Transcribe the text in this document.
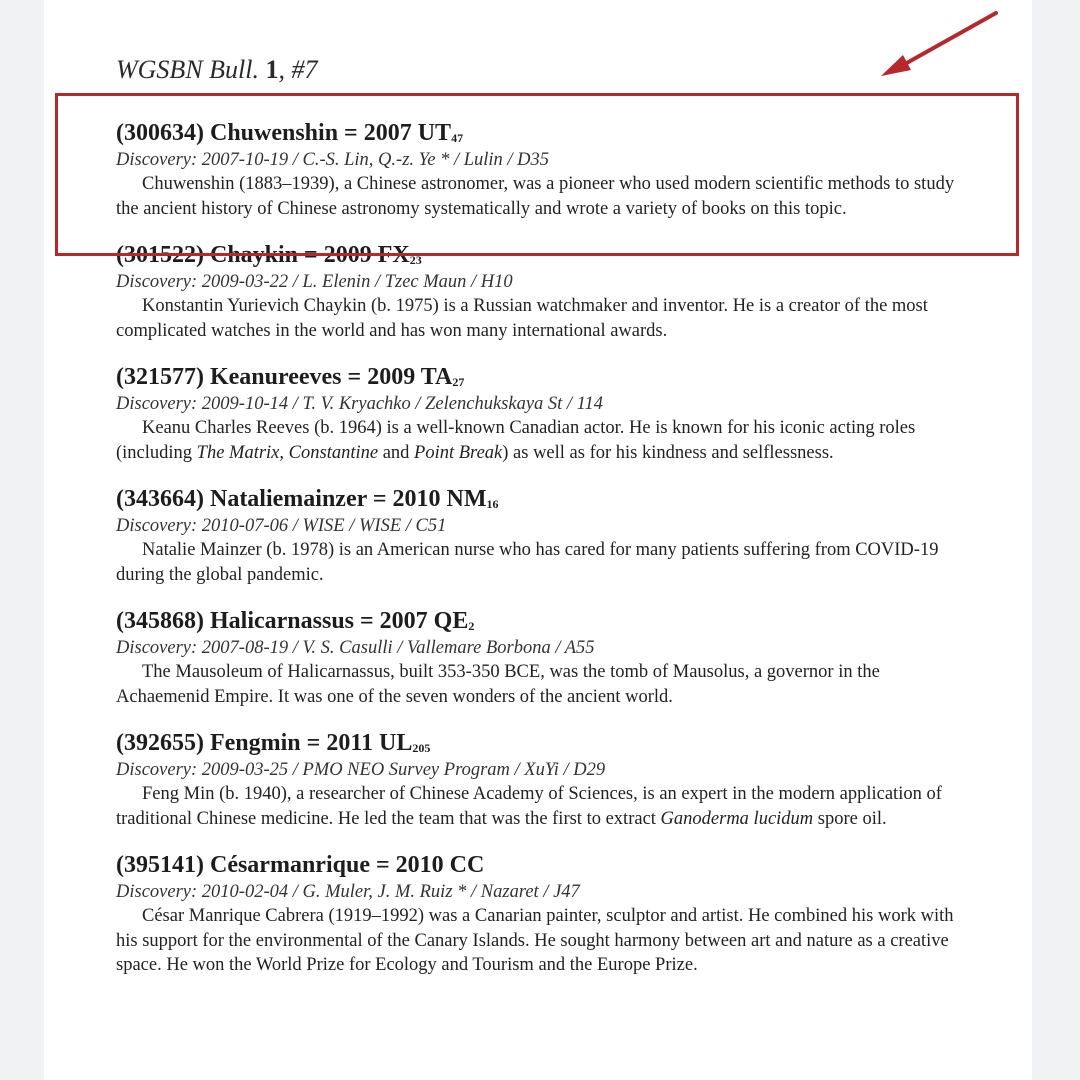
WGSBN Bull. 1, #7

(300634) Chuwenshin = 2007 $UT_{47}$

Discovery: 2007-10-19 / C.-S. Lin, Q.-z. Ye * / Lulin / D35

Chuwenshin (1883–1939), a Chinese astronomer, was a pioneer who used modern scientific methods to study the ancient history of Chinese astronomy systematically and wrote a variety of books on this topic.

(301522) Chaykin = 2009 $FX_{23}$

Discovery: 2009-03-22 / L. Elenin / Tzec Maun / H10

Konstantin Yurievich Chaykin (b. 1975) is a Russian watchmaker and inventor. He is a creator of the most complicated watches in the world and has won many international awards.

(321577) Keanureeves = 2009 $TA_{27}$

Discovery: 2009-10-14 / T. V. Kryachko / Zelenchukskaya St / 114

Keanu Charles Reeves (b. 1964) is a well-known Canadian actor. He is known for his iconic acting roles (including The Matrix, Constantine and Point Break) as well as for his kindness and selflessness.

(343664) Nataliemainzer = 2010 $NM_{16}$

Discovery: 2010-07-06 / WISE / WISE / C51

Natalie Mainzer (b. 1978) is an American nurse who has cared for many patients suffering from COVID-19 during the global pandemic.

(345868) Halicarnassus = 2007 $QE_2$

Discovery: 2007-08-19 / V. S. Casulli / Vallemare Borbona / A55

The Mausoleum of Halicarnassus, built 353-350 BCE, was the tomb of Mausolus, a governor in the Achaemenid Empire. It was one of the seven wonders of the ancient world.

(392655) Fengmin = 2011 $UL_{205}$

Discovery: 2009-03-25 / PMO NEO Survey Program / XuYi / D29

Feng Min (b. 1940), a researcher of Chinese Academy of Sciences, is an expert in the modern application of traditional Chinese medicine. He led the team that was the first to extract Ganoderma lucidum spore oil.

(395141) Césarmanrique = 2010 CC

Discovery: 2010-02-04 / G. Muler, J. M. Ruiz * / Nazaret / J47

César Manrique Cabrera (1919–1992) was a Canarian painter, sculptor and artist. He combined his work with his support for the environmental of the Canary Islands. He sought harmony between art and nature as a creative space. He won the World Prize for Ecology and Tourism and the Europe Prize.
